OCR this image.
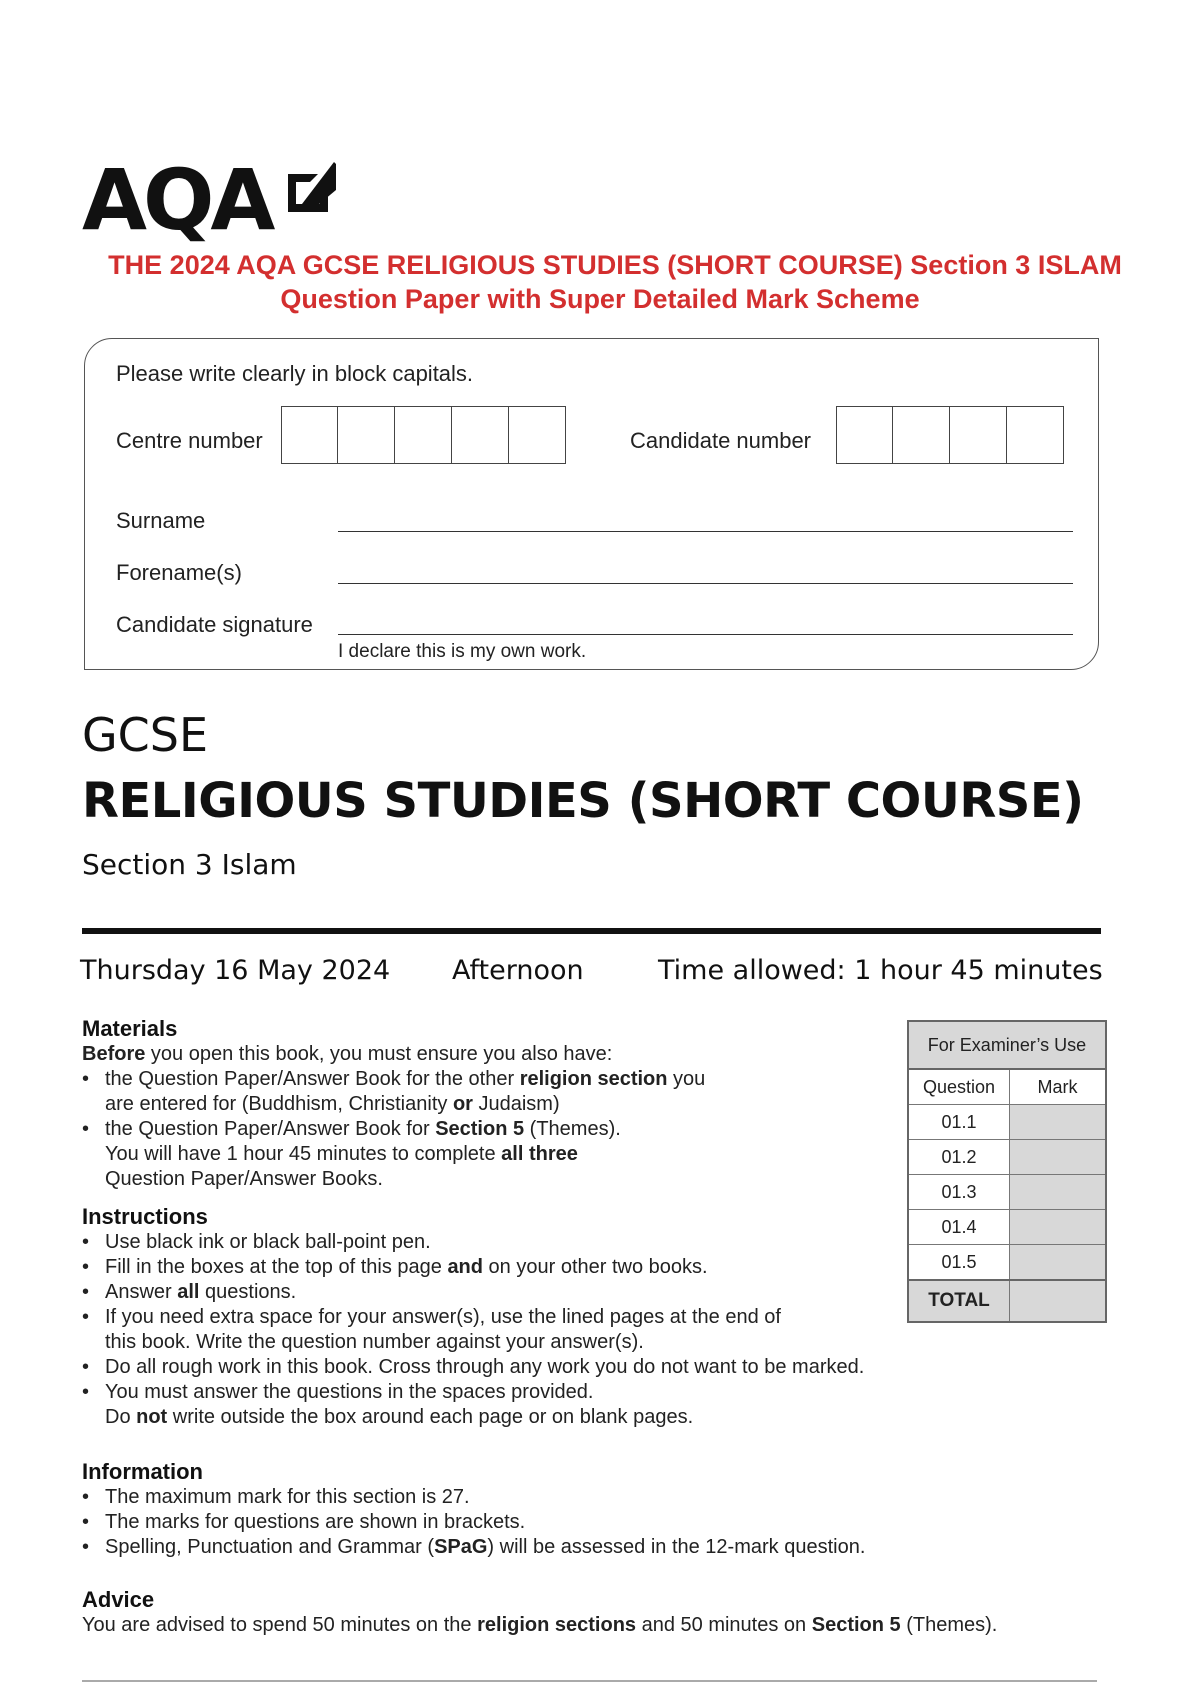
AQA
THE 2024 AQA GCSE RELIGIOUS STUDIES (SHORT COURSE) Section 3 ISLAM
Question Paper with Super Detailed Mark Scheme
Please write clearly in block capitals.
Centre number	Candidate number
Surname
Forename(s)
Candidate signature
I declare this is my own work.
GCSE
RELIGIOUS STUDIES (SHORT COURSE)
Section 3 Islam
Thursday 16 May 2024 Afternoon	Time allowed: 1 hour 45 minutes
Materials
Before you open this book, you must ensure you also have:
• the Question Paper/Answer Book for the other religion section you
are entered for (Buddhism, Christianity or Judaism)
• the Question Paper/Answer Book for Section 5 (Themes).
You will have 1 hour 45 minutes to complete all three
Question Paper/Answer Books.
Instructions
• Use black ink or black ball-point pen.
• Fill in the boxes at the top of this page and on your other two books.
• Answer all questions.
• If you need extra space for your answer(s), use the lined pages at the end of
this book. Write the question number against your answer(s).
• Do all rough work in this book. Cross through any work you do not want to be marked.
• You must answer the questions in the spaces provided.
Do not write outside the box around each page or on blank pages.
Information
• The maximum mark for this section is 27.
• The marks for questions are shown in brackets.
• Spelling, Punctuation and Grammar (SPaG) will be assessed in the 12-mark question.
Advice
You are advised to spend 50 minutes on the religion sections and 50 minutes on Section 5 (Themes).
For Examiner’s Use
Question	Mark
01.1
01.2
01.3
01.4
01.5
TOTAL
